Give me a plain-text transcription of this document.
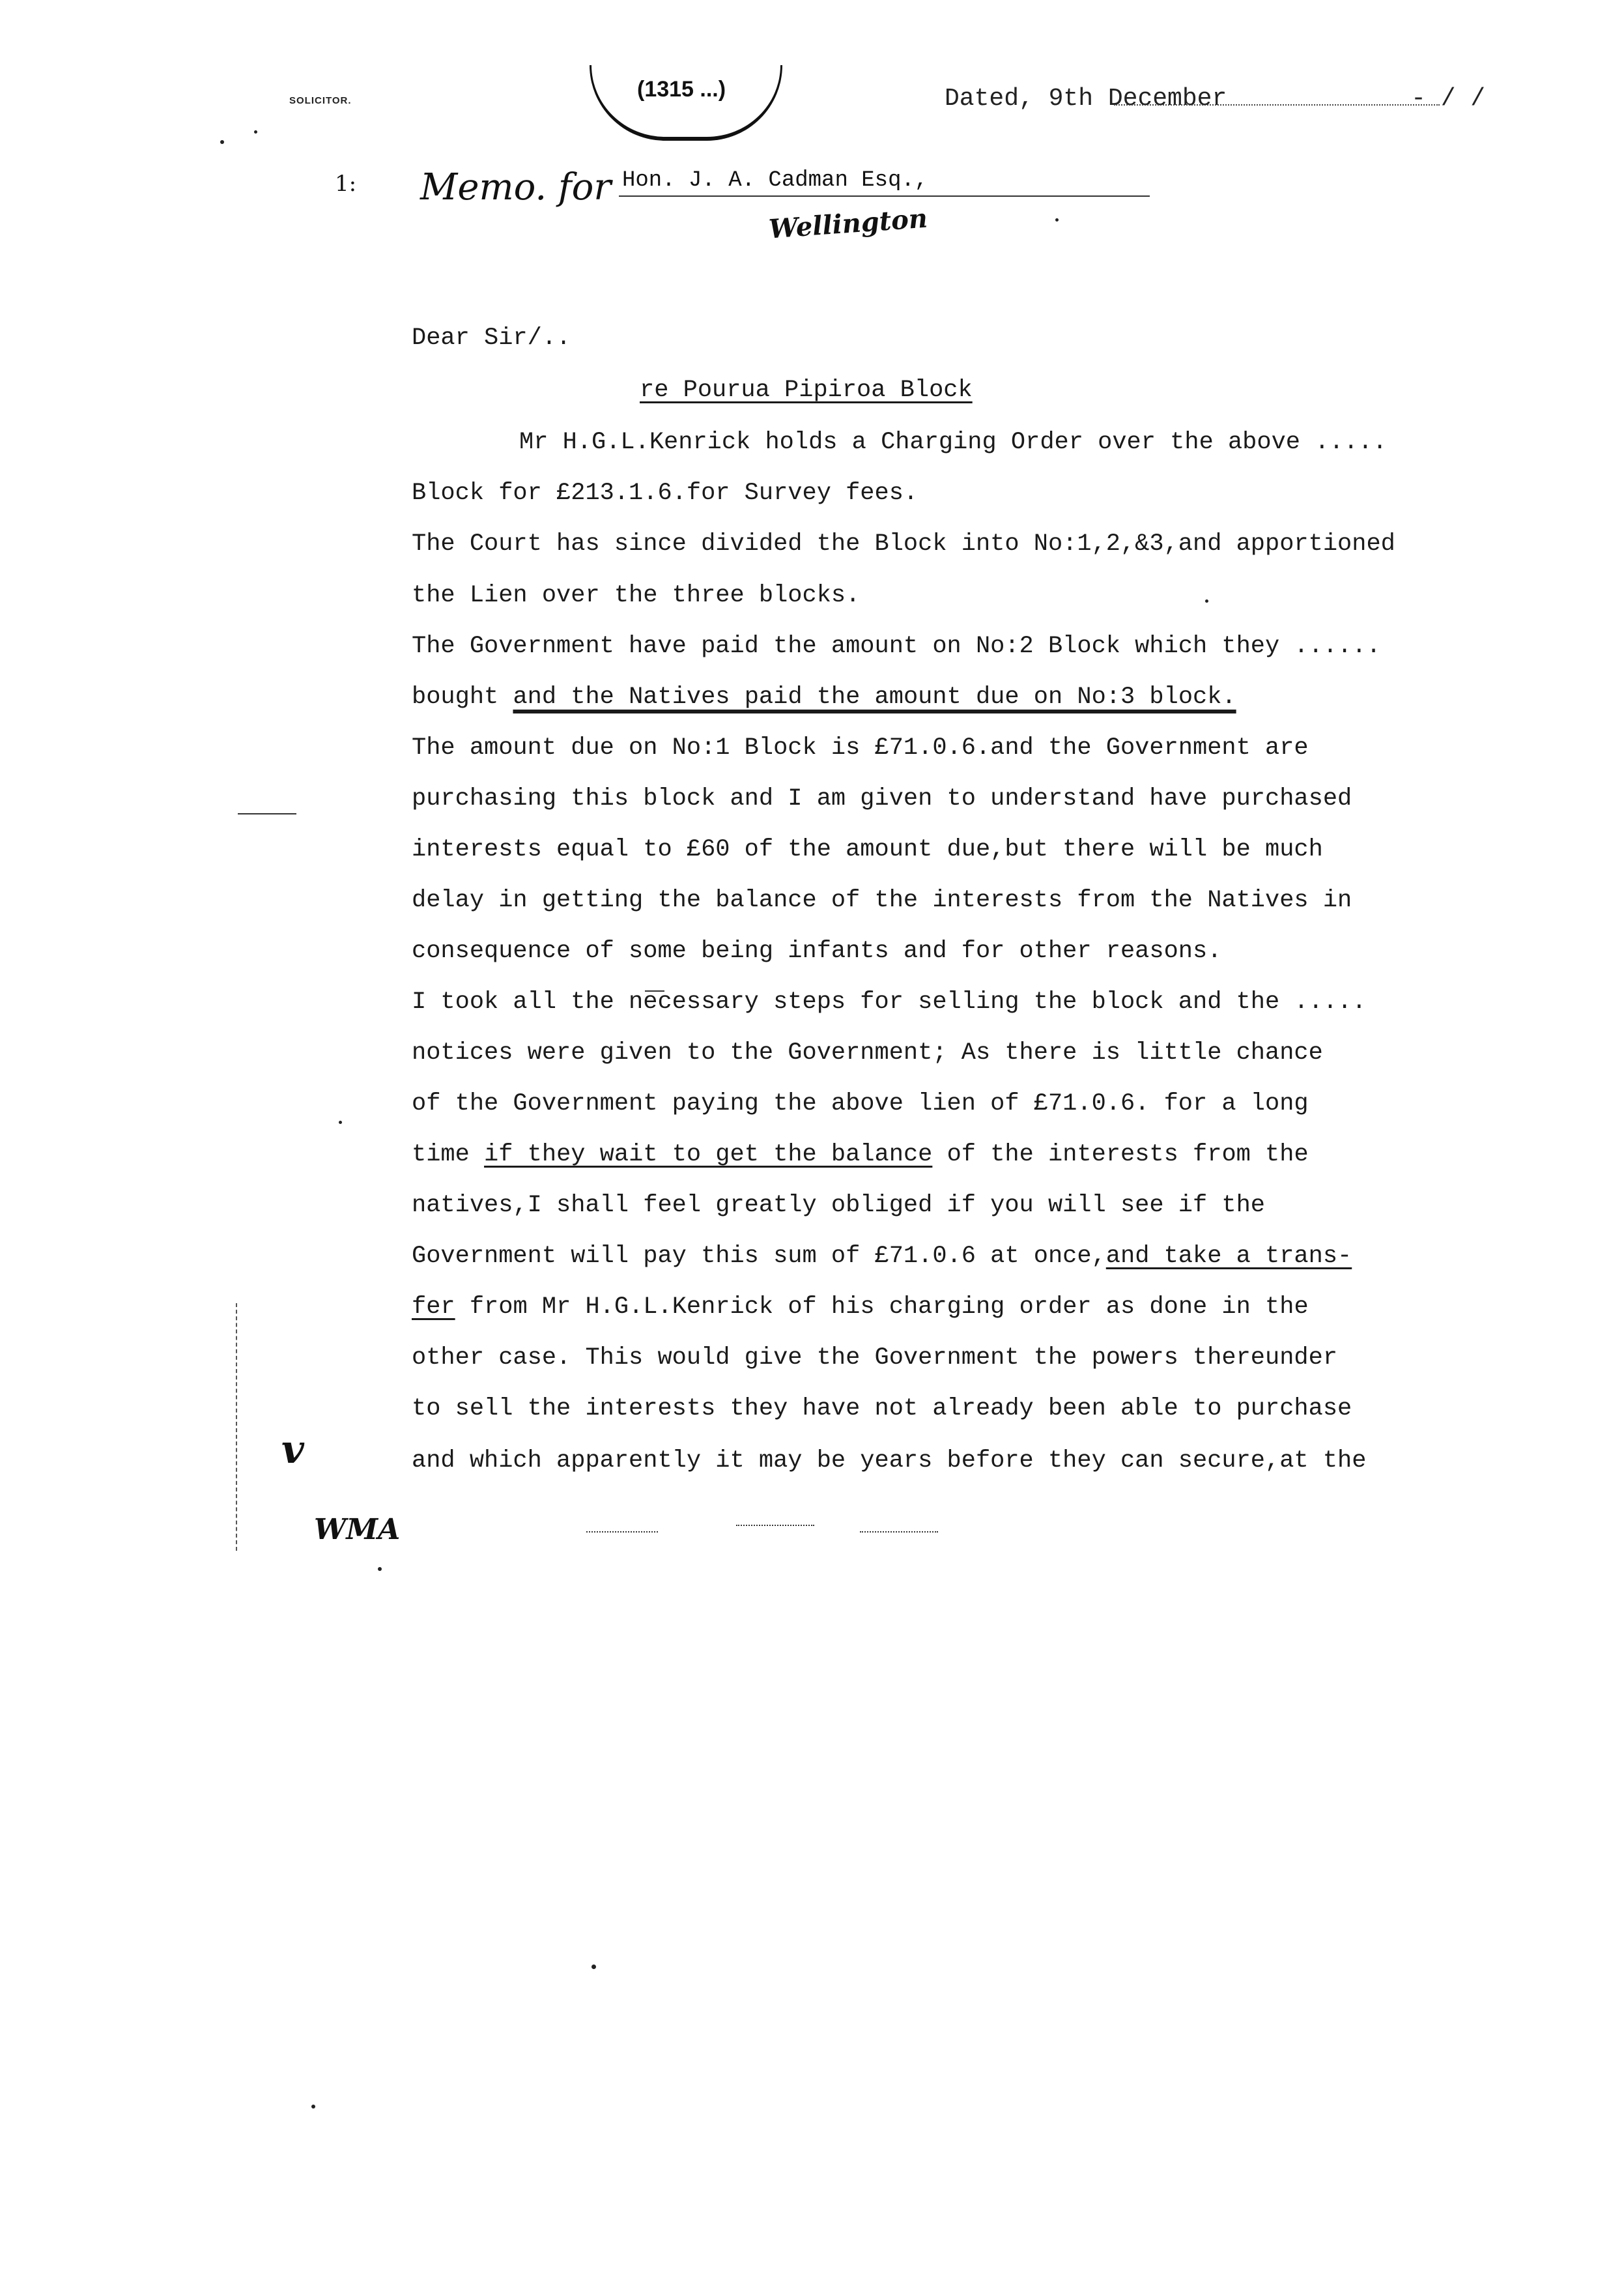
SOLICITOR.	(1315 ...)	Dated, 9th December	- / /
1: Memo. for Hon. J. A. Cadman Esq.,
Wellington
Dear Sir/..
re Pourua Pipiroa Block
Mr H.G.L.Kenrick holds a Charging Order over the above .....
Block for £213.1.6.for Survey fees.
The Court has since divided the Block into No:1,2,&3,and apportioned
the Lien over the three blocks.
The Government have paid the amount on No:2 Block which they ......
bought and the Natives paid the amount due on No:3 block.
The amount due on No:1 Block is £71.0.6.and the Government are
purchasing this block and I am given to understand have purchased
interests equal to £60 of the amount due,but there will be much
delay in getting the balance of the interests from the Natives in
consequence of some being infants and for other reasons.
I took all the necessary steps for selling the block and the .....
notices were given to the Government; As there is little chance
of the Government paying the above lien of £71.0.6. for a long
time if they wait to get the balance of the interests from the
natives,I shall feel greatly obliged if you will see if the
Government will pay this sum of £71.0.6 at once,and take a trans-
fer from Mr H.G.L.Kenrick of his charging order as done in the
other case. This would give the Government the powers thereunder
to sell the interests they have not already been able to purchase
and which apparently it may be years before they can secure,at the
v
WMA
